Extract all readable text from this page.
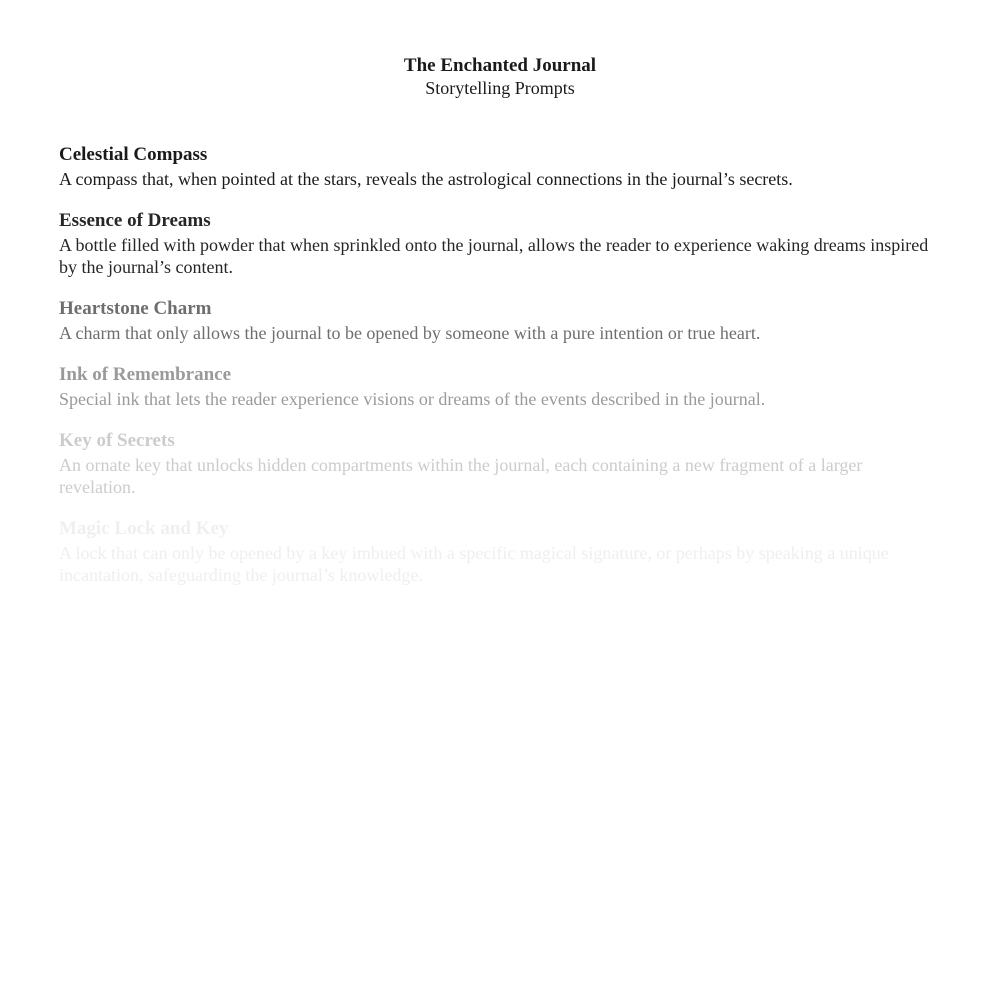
The Enchanted Journal
Storytelling Prompts
Celestial Compass
A compass that, when pointed at the stars, reveals the astrological connections in the journal’s secrets.
Essence of Dreams
A bottle filled with powder that when sprinkled onto the journal, allows the reader to experience waking dreams inspired by the journal’s content.
Heartstone Charm
A charm that only allows the journal to be opened by someone with a pure intention or true heart.
Ink of Remembrance
Special ink that lets the reader experience visions or dreams of the events described in the journal.
Key of Secrets
An ornate key that unlocks hidden compartments within the journal, each containing a new fragment of a larger revelation.
Magic Lock and Key
A lock that can only be opened by a key imbued with a specific magical signature, or perhaps by speaking a unique incantation, safeguarding the journal’s knowledge.
